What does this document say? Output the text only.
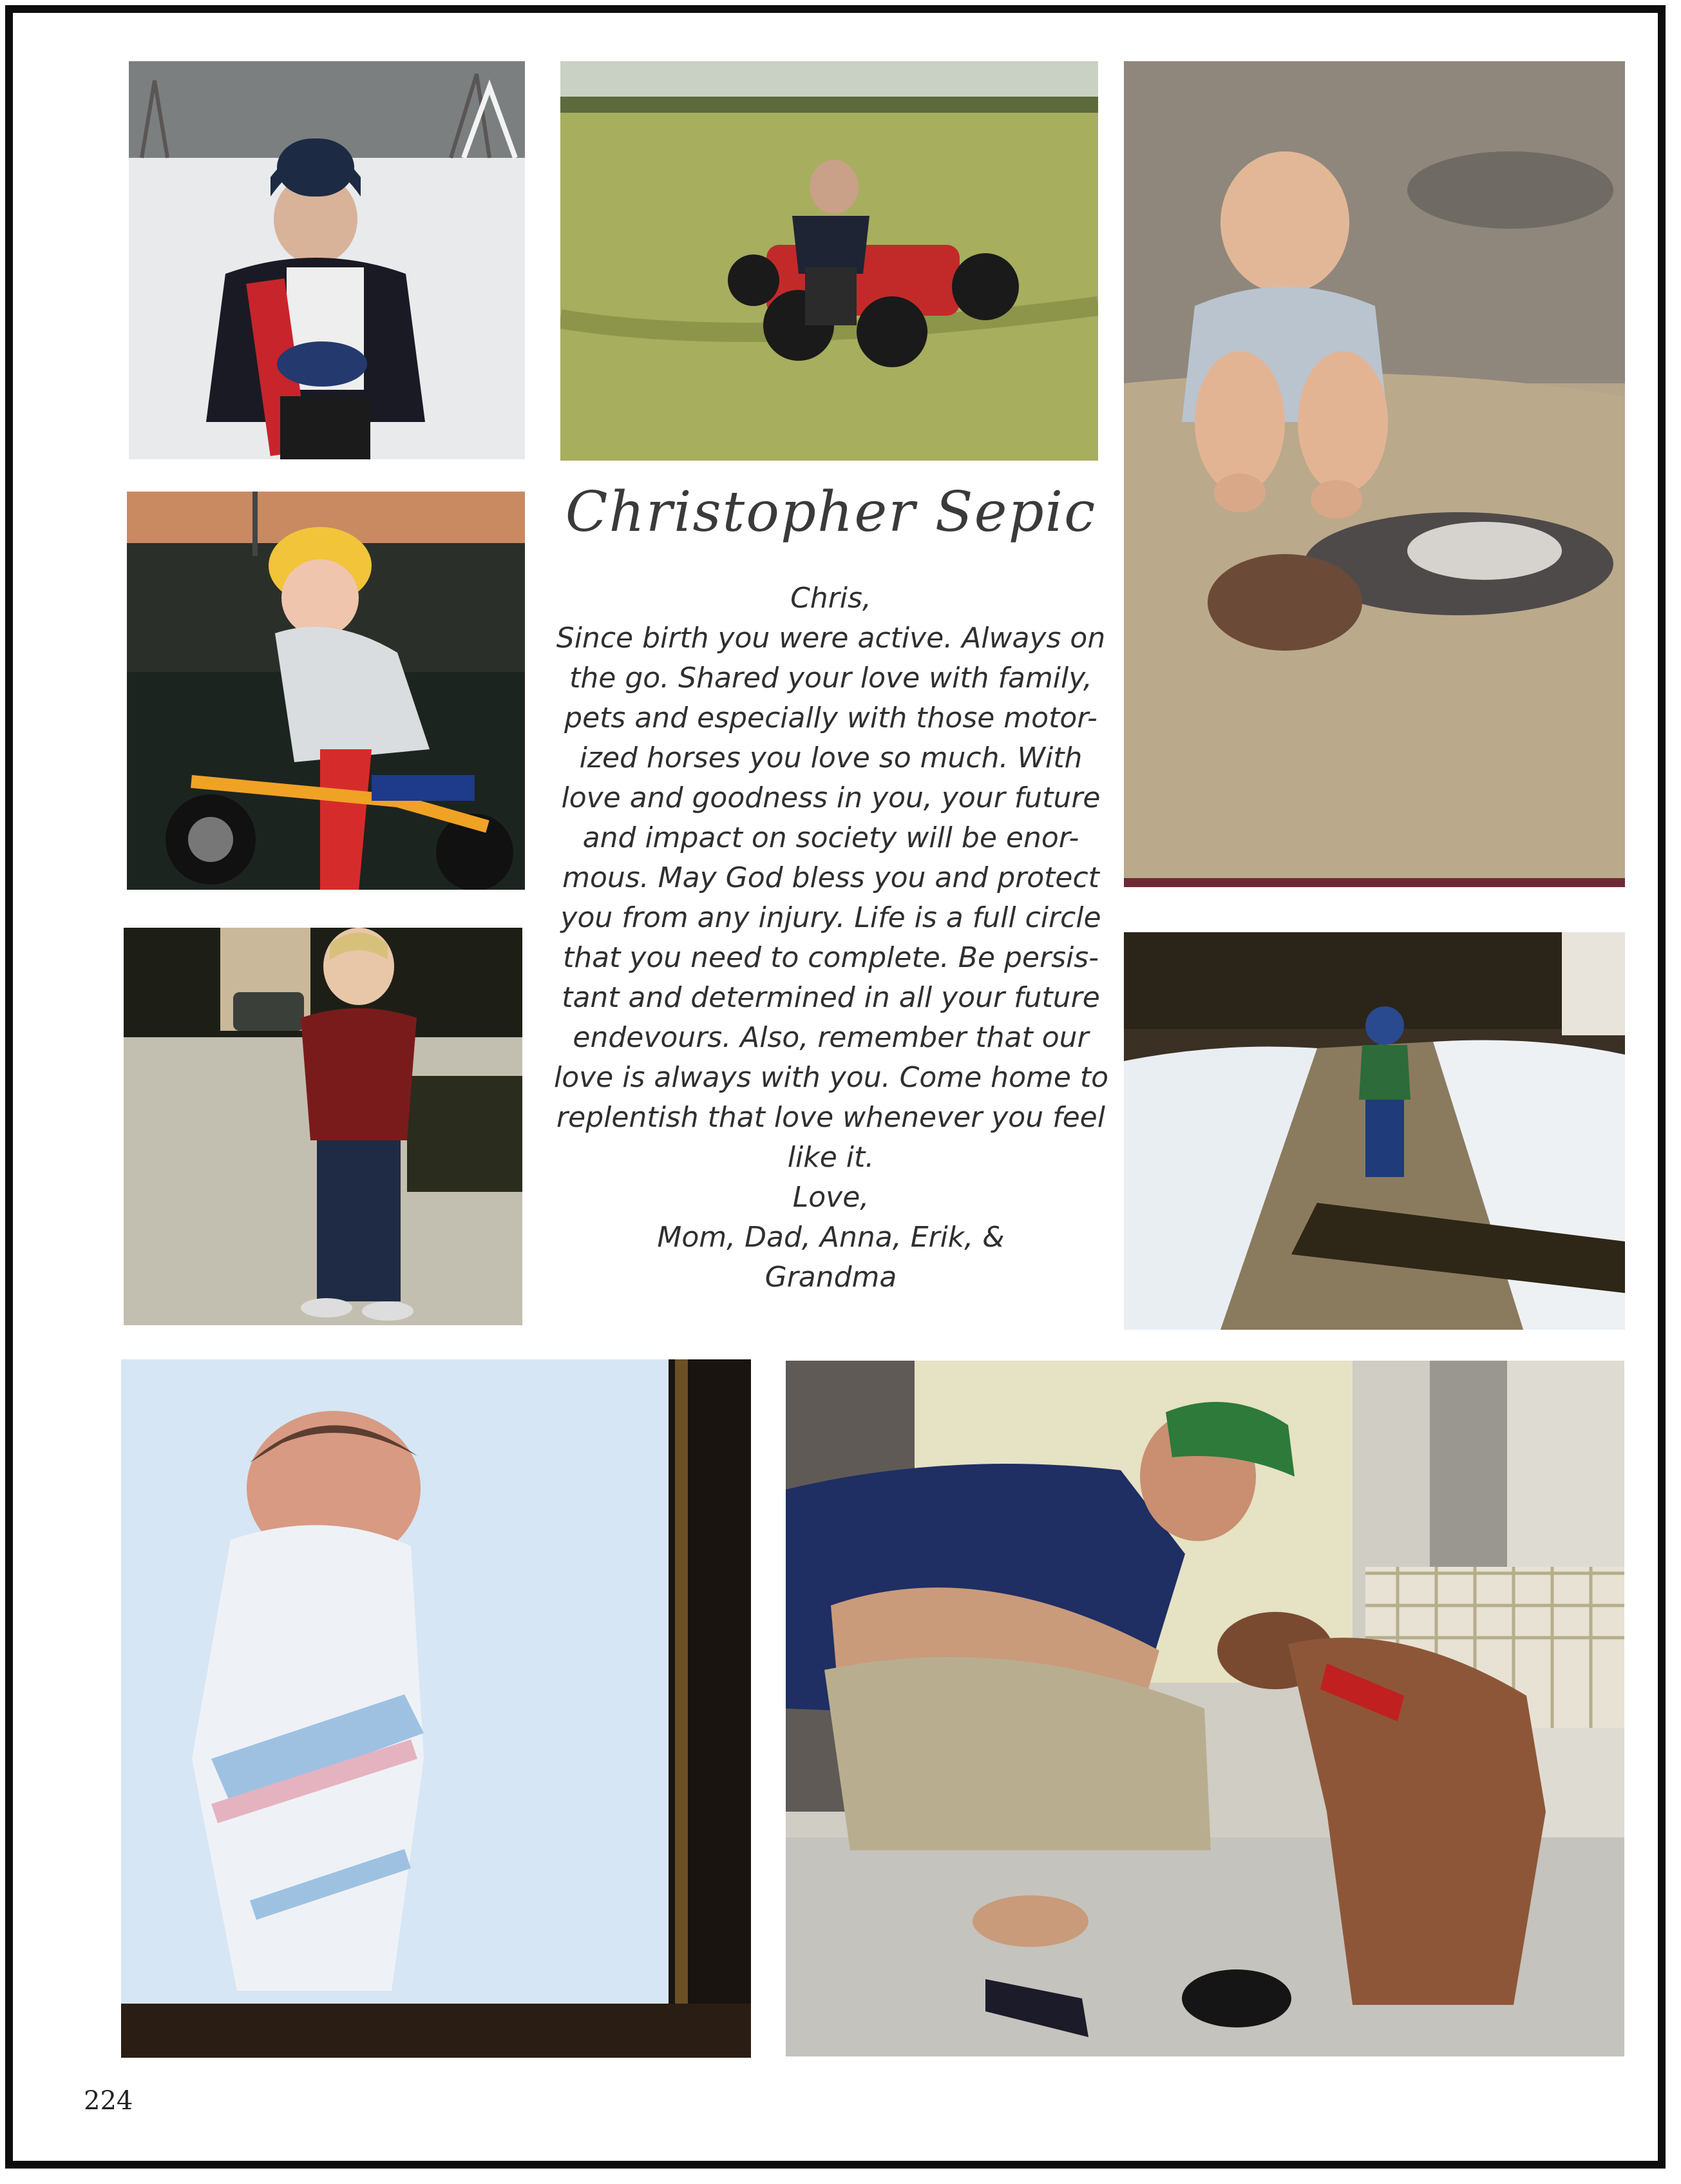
Christopher Sepic
Chris,
Since birth you were active. Always on
the go. Shared your love with family,
pets and especially with those motor-
ized horses you love so much. With
love and goodness in you, your future
and impact on society will be enor-
mous. May God bless you and protect
you from any injury. Life is a full circle
that you need to complete. Be persis-
tant and determined in all your future
endevours. Also, remember that our
love is always with you. Come home to
replentish that love whenever you feel
like it.
Love,
Mom, Dad, Anna, Erik, &
Grandma
224
